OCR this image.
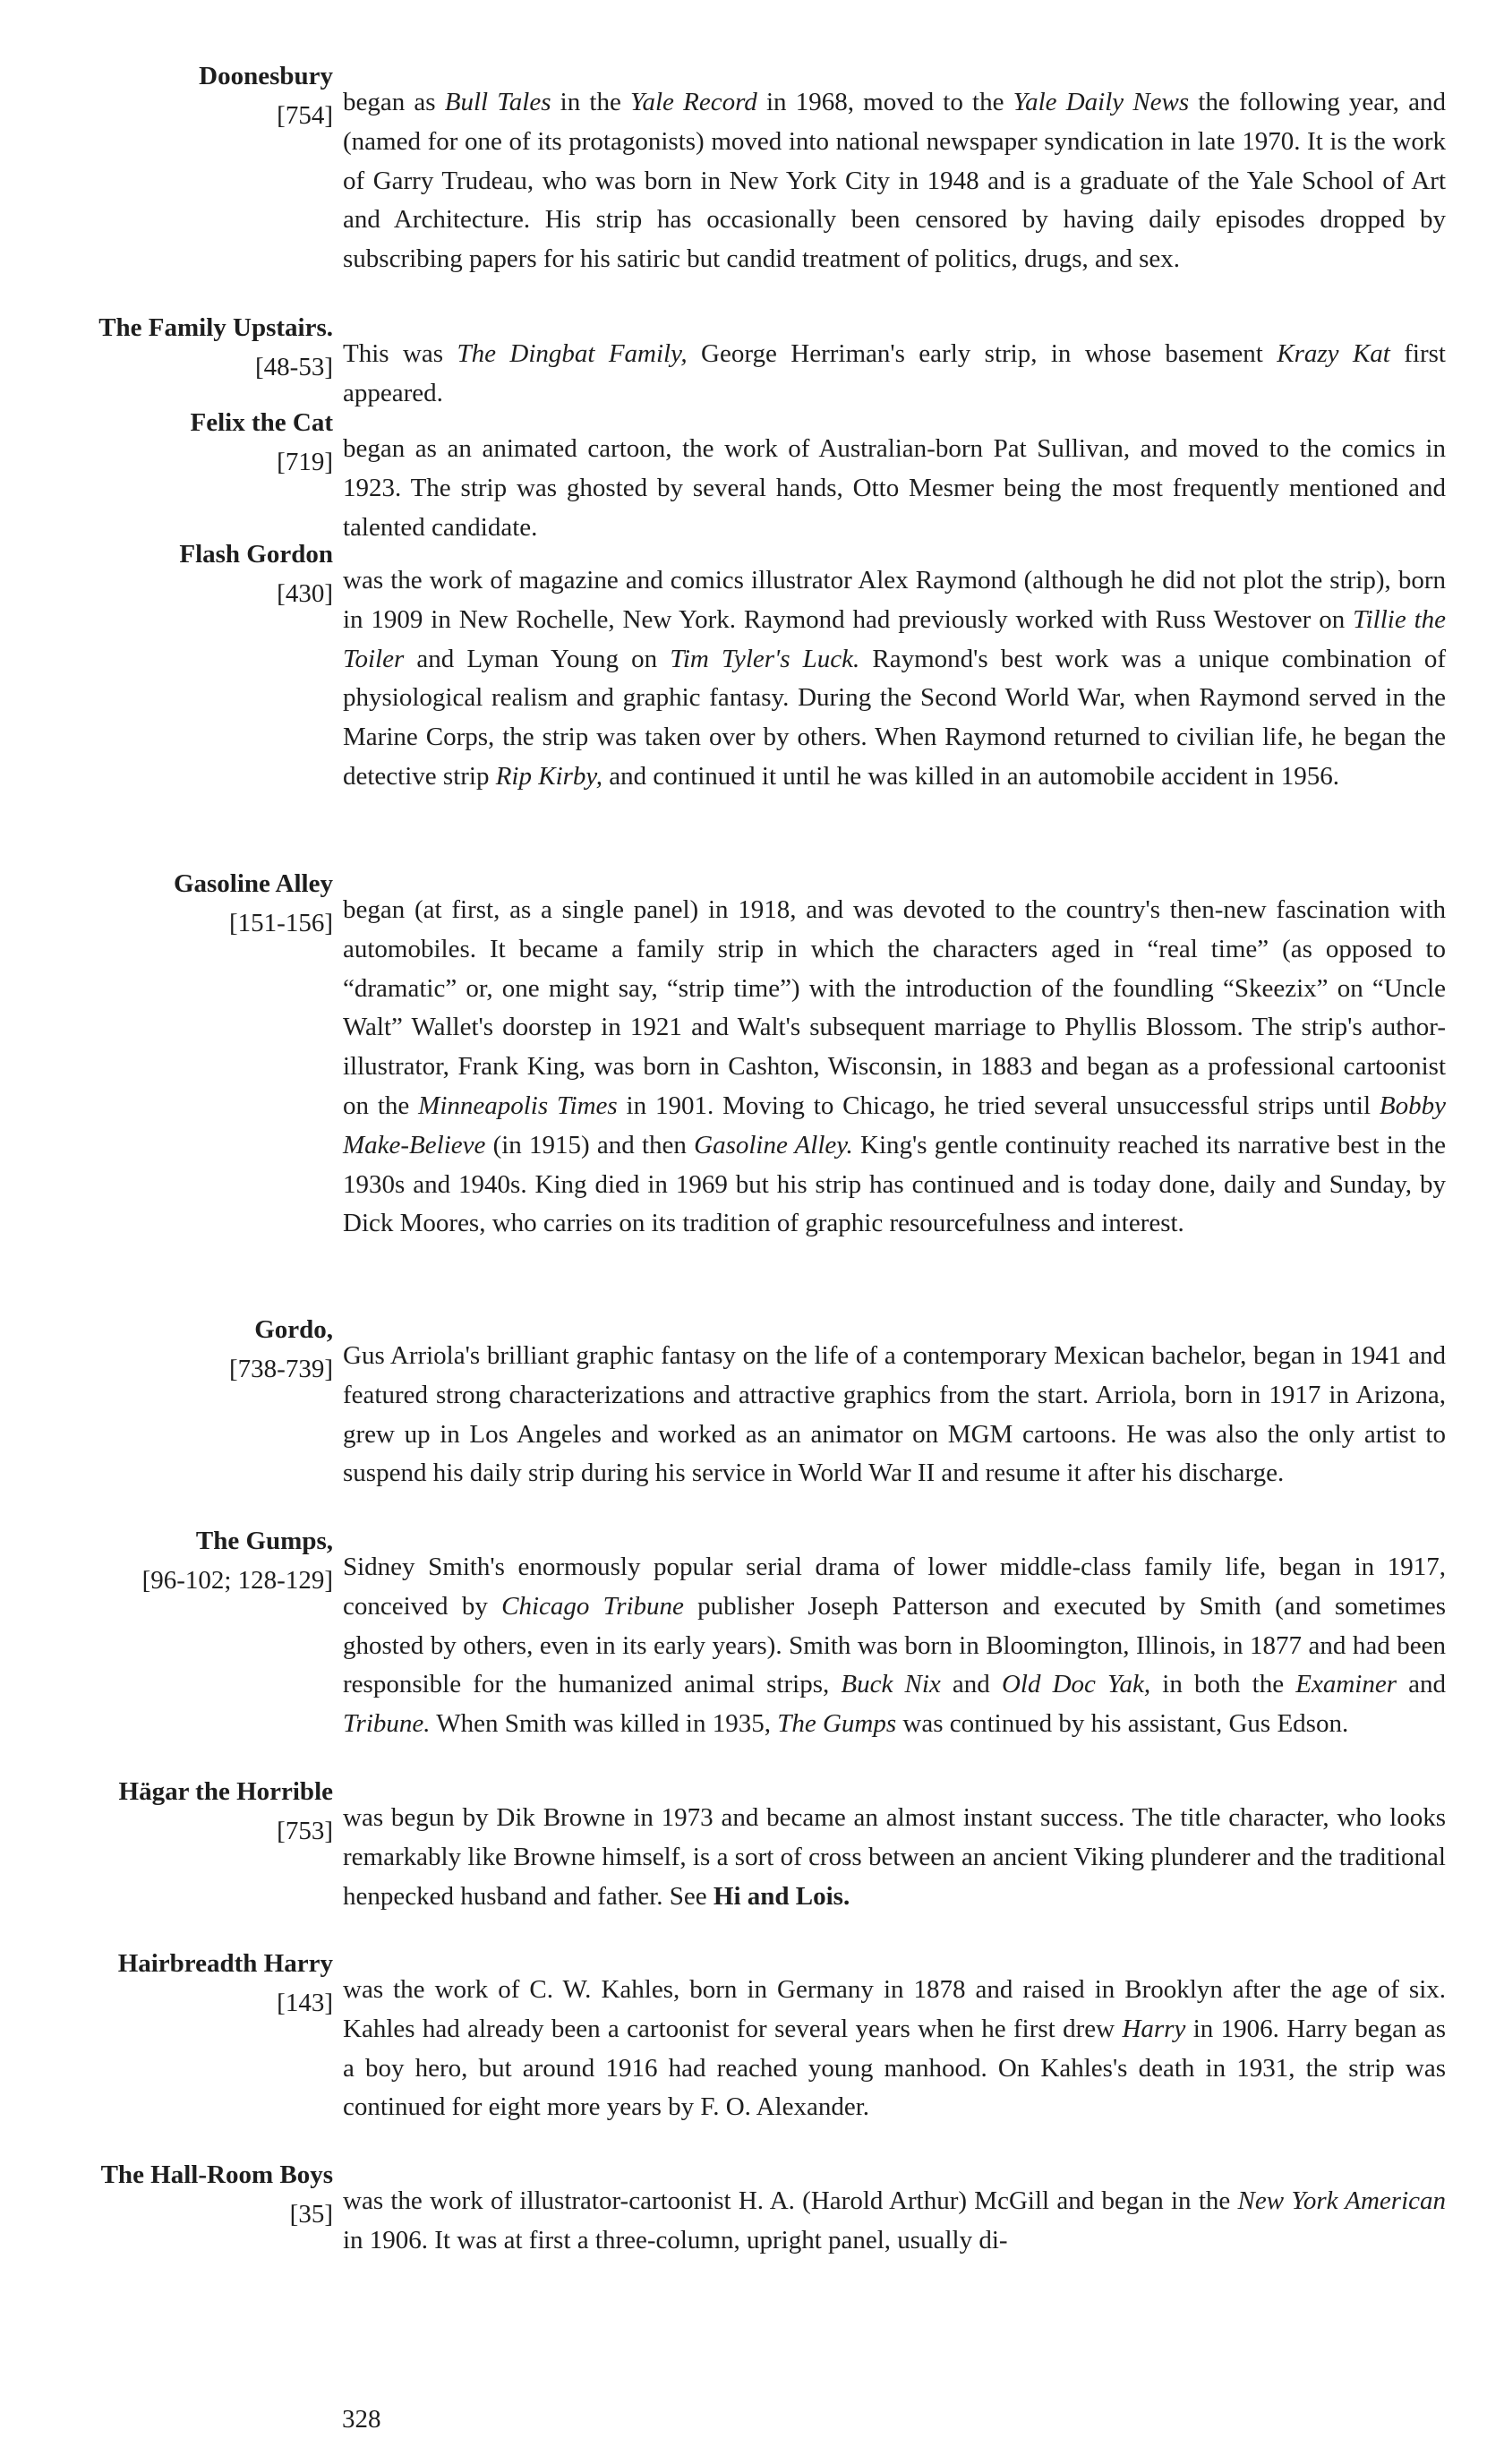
Doonesbury
[754] began as Bull Tales in the Yale Record in 1968, moved to the Yale Daily News the following year, and (named for one of its protagonists) moved into national newspaper syndication in late 1970. It is the work of Garry Trudeau, who was born in New York City in 1948 and is a graduate of the Yale School of Art and Architecture. His strip has occasionally been censored by having daily episodes dropped by subscribing papers for his satiric but candid treatment of politics, drugs, and sex.

The Family Upstairs.
[48-53] This was The Dingbat Family, George Herriman's early strip, in whose basement Krazy Kat first appeared.

Felix the Cat
[719] began as an animated cartoon, the work of Australian-born Pat Sullivan, and moved to the comics in 1923. The strip was ghosted by several hands, Otto Mesmer being the most frequently mentioned and talented candidate.

Flash Gordon
[430] was the work of magazine and comics illustrator Alex Raymond (although he did not plot the strip), born in 1909 in New Rochelle, New York. Raymond had previously worked with Russ Westover on Tillie the Toiler and Lyman Young on Tim Tyler's Luck. Raymond's best work was a unique combination of physiological realism and graphic fantasy. During the Second World War, when Raymond served in the Marine Corps, the strip was taken over by others. When Raymond returned to civilian life, he began the detective strip Rip Kirby, and continued it until he was killed in an automobile accident in 1956.

Gasoline Alley
[151-156] began (at first, as a single panel) in 1918, and was devoted to the country's then-new fascination with automobiles. It became a family strip in which the characters aged in “real time” (as opposed to “dramatic” or, one might say, “strip time”) with the introduction of the foundling “Skeezix” on “Uncle Walt” Wallet's doorstep in 1921 and Walt's subsequent marriage to Phyllis Blossom. The strip's author-illustrator, Frank King, was born in Cashton, Wisconsin, in 1883 and began as a professional cartoonist on the Minneapolis Times in 1901. Moving to Chicago, he tried several unsuccessful strips until Bobby Make-Believe (in 1915) and then Gasoline Alley. King's gentle continuity reached its narrative best in the 1930s and 1940s. King died in 1969 but his strip has continued and is today done, daily and Sunday, by Dick Moores, who carries on its tradition of graphic resourcefulness and interest.

Gordo,
[738-739] Gus Arriola's brilliant graphic fantasy on the life of a contemporary Mexican bachelor, began in 1941 and featured strong characterizations and attractive graphics from the start. Arriola, born in 1917 in Arizona, grew up in Los Angeles and worked as an animator on MGM cartoons. He was also the only artist to suspend his daily strip during his service in World War II and resume it after his discharge.

The Gumps,
[96-102; 128-129] Sidney Smith's enormously popular serial drama of lower middle-class family life, began in 1917, conceived by Chicago Tribune publisher Joseph Patterson and executed by Smith (and sometimes ghosted by others, even in its early years). Smith was born in Bloomington, Illinois, in 1877 and had been responsible for the humanized animal strips, Buck Nix and Old Doc Yak, in both the Examiner and Tribune. When Smith was killed in 1935, The Gumps was continued by his assistant, Gus Edson.

Hägar the Horrible
[753] was begun by Dik Browne in 1973 and became an almost instant success. The title character, who looks remarkably like Browne himself, is a sort of cross between an ancient Viking plunderer and the traditional henpecked husband and father. See Hi and Lois.

Hairbreadth Harry
[143] was the work of C. W. Kahles, born in Germany in 1878 and raised in Brooklyn after the age of six. Kahles had already been a cartoonist for several years when he first drew Harry in 1906. Harry began as a boy hero, but around 1916 had reached young manhood. On Kahles's death in 1931, the strip was continued for eight more years by F. O. Alexander.

The Hall-Room Boys
[35] was the work of illustrator-cartoonist H. A. (Harold Arthur) McGill and began in the New York American in 1906. It was at first a three-column, upright panel, usually di-

328
